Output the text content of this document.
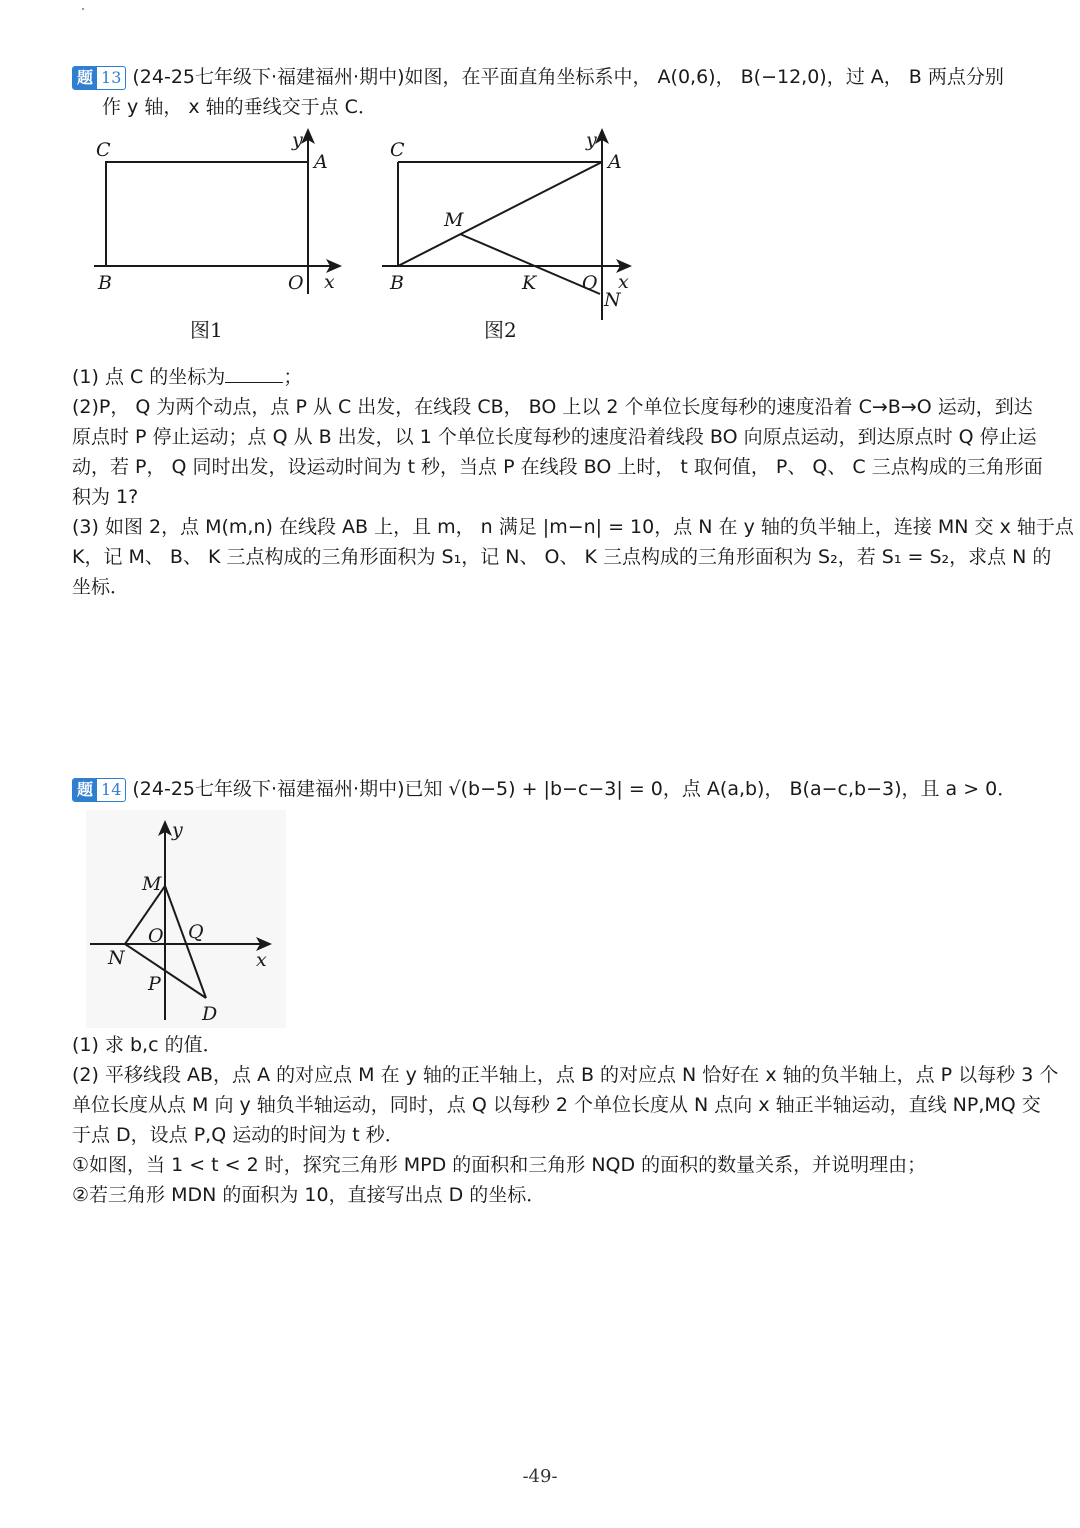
题 13 (24-25七年级下·福建福州·期中)如图，在平面直角坐标系中， A(0,6)， B(−12,0)，过 A， B 两点分别

作 y 轴， x 轴的垂线交于点 C．

C
A
y
B	O x
图1
C
A
y
M
B	K O x
N
图2

(1) 点 C 的坐标为	；

(2)P， Q 为两个动点，点 P 从 C 出发，在线段 CB， BO 上以 2 个单位长度每秒的速度沿着 C→B→O 运动，到达

原点时 P 停止运动；点 Q 从 B 出发，以 1 个单位长度每秒的速度沿着线段 BO 向原点运动，到达原点时 Q 停止运

动，若 P， Q 同时出发，设运动时间为 t 秒，当点 P 在线段 BO 上时， t 取何值， P、 Q、 C 三点构成的三角形面

积为 1?

(3) 如图 2，点 M(m,n) 在线段 AB 上，且 m， n 满足 |m−n| = 10，点 N 在 y 轴的负半轴上，连接 MN 交 x 轴于点

K，记 M、 B、 K 三点构成的三角形面积为 S₁，记 N、 O、 K 三点构成的三角形面积为 S₂，若 S₁ = S₂，求点 N 的

坐标．

题 14 (24-25七年级下·福建福州·期中)已知 √(b−5) + |b−c−3| = 0，点 A(a,b)， B(a−c,b−3)，且 a > 0．

y
M
O Q
N	x
P
D

(1) 求 b,c 的值．

(2) 平移线段 AB，点 A 的对应点 M 在 y 轴的正半轴上，点 B 的对应点 N 恰好在 x 轴的负半轴上，点 P 以每秒 3 个

单位长度从点 M 向 y 轴负半轴运动，同时，点 Q 以每秒 2 个单位长度从 N 点向 x 轴正半轴运动，直线 NP,MQ 交

于点 D，设点 P,Q 运动的时间为 t 秒．

①如图，当 1 < t < 2 时，探究三角形 MPD 的面积和三角形 NQD 的面积的数量关系，并说明理由；

②若三角形 MDN 的面积为 10，直接写出点 D 的坐标．

-49-
